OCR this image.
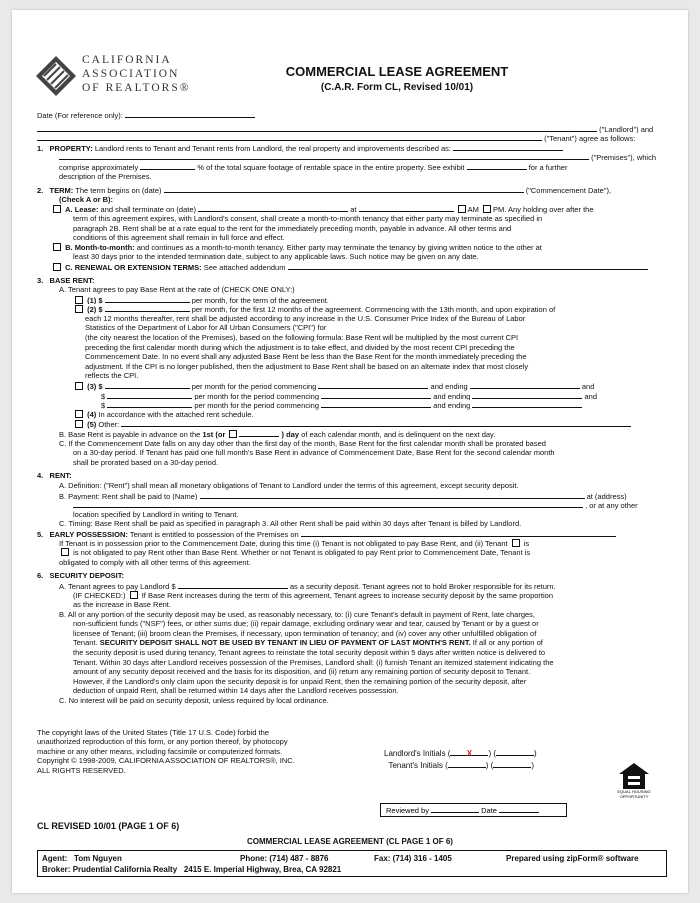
CALIFORNIA
ASSOCIATION
OF REALTORS®
COMMERCIAL LEASE AGREEMENT
(C.A.R. Form CL, Revised 10/01)
Date (For reference only):
("Landlord") and
("Tenant") agree as follows:
1. PROPERTY: Landlord rents to Tenant and Tenant rents from Landlord, the real property and improvements described as:
("Premises"), which
comprise approximately	% of the total square footage of rentable space in the entire property. See exhibit	for a further
description of the Premises.
2. TERM: The term begins on (date)	("Commencement Date"),
(Check A or B):
A. Lease: and shall terminate on (date)	at	AM PM. Any holding over after the
term of this agreement expires, with Landlord's consent, shall create a month-to-month tenancy that either party may terminate as specified in
paragraph 2B. Rent shall be at a rate equal to the rent for the immediately preceding month, payable in advance. All other terms and
conditions of this agreement shall remain in full force and effect.
B. Month-to-month: and continues as a month-to-month tenancy. Either party may terminate the tenancy by giving written notice to the other at
least 30 days prior to the intended termination date, subject to any applicable laws. Such notice may be given on any date.
C. RENEWAL OR EXTENSION TERMS: See attached addendum
3. BASE RENT:
A. Tenant agrees to pay Base Rent at the rate of (CHECK ONE ONLY:)
(1) $	per month, for the term of the agreement.
(2) $	per month, for the first 12 months of the agreement. Commencing with the 13th month, and upon expiration of
each 12 months thereafter, rent shall be adjusted according to any increase in the U.S. Consumer Price Index of the Bureau of Labor
Statistics of the Department of Labor for All Urban Consumers ("CPI") for
(the city nearest the location of the Premises), based on the following formula: Base Rent will be multiplied by the most current CPI
preceding the first calendar month during which the adjustment is to take effect, and divided by the most recent CPI preceding the
Commencement Date. In no event shall any adjusted Base Rent be less than the Base Rent for the month immediately preceding the
adjustment. If the CPI is no longer published, then the adjustment to Base Rent shall be based on an alternate index that most closely
reflects the CPI.
(3) $	per month for the period commencing	and ending	and
$	per month for the period commencing	and ending	and
$	per month for the period commencing	and ending
(4) In accordance with the attached rent schedule.
(5) Other:
B. Base Rent is payable in advance on the 1st (or	) day of each calendar month, and is delinquent on the next day.
C. If the Commencement Date falls on any day other than the first day of the month, Base Rent for the first calendar month shall be prorated based
on a 30-day period. If Tenant has paid one full month's Base Rent in advance of Commencement Date, Base Rent for the second calendar month
shall be prorated based on a 30-day period.
4. RENT:
A. Definition: ("Rent") shall mean all monetary obligations of Tenant to Landlord under the terms of this agreement, except security deposit.
B. Payment: Rent shall be paid to (Name)	at (address)
, or at any other
location specified by Landlord in writing to Tenant.
C. Timing: Base Rent shall be paid as specified in paragraph 3. All other Rent shall be paid within 30 days after Tenant is billed by Landlord.
5. EARLY POSSESSION: Tenant is entitled to possession of the Premises on
If Tenant is in possession prior to the Commencement Date, during this time (i) Tenant is not obligated to pay Base Rent, and (ii) Tenant is
is not obligated to pay Rent other than Base Rent. Whether or not Tenant is obligated to pay Rent prior to Commencement Date, Tenant is
obligated to comply with all other terms of this agreement.
6. SECURITY DEPOSIT:
A. Tenant agrees to pay Landlord $	as a security deposit. Tenant agrees not to hold Broker responsible for its return.
(IF CHECKED:) If Base Rent increases during the term of this agreement, Tenant agrees to increase security deposit by the same proportion
as the increase in Base Rent.
B. All or any portion of the security deposit may be used, as reasonably necessary, to: (i) cure Tenant's default in payment of Rent, late charges,
non-sufficient funds ("NSF") fees, or other sums due; (ii) repair damage, excluding ordinary wear and tear, caused by Tenant or by a guest or
licensee of Tenant; (iii) broom clean the Premises, if necessary, upon termination of tenancy; and (iv) cover any other unfulfilled obligation of
Tenant. SECURITY DEPOSIT SHALL NOT BE USED BY TENANT IN LIEU OF PAYMENT OF LAST MONTH'S RENT. If all or any portion of
the security deposit is used during tenancy, Tenant agrees to reinstate the total security deposit within 5 days after written notice is delivered to
Tenant. Within 30 days after Landlord receives possession of the Premises, Landlord shall: (i) furnish Tenant an itemized statement indicating the
amount of any security deposit received and the basis for its disposition, and (ii) return any remaining portion of security deposit to Tenant.
However, if the Landlord's only claim upon the security deposit is for unpaid Rent, then the remaining portion of the security deposit, after
deduction of unpaid Rent, shall be returned within 14 days after the Landlord receives possession.
C. No interest will be paid on security deposit, unless required by local ordinance.
The copyright laws of the United States (Title 17 U.S. Code) forbid the
unauthorized reproduction of this form, or any portion thereof, by photocopy
machine or any other means, including facsimile or computerized formats.
Copyright © 1998-2009, CALIFORNIA ASSOCIATION OF REALTORS®, INC.
ALL RIGHTS RESERVED.
Landlord's Initials ( X ) (	)
Tenant's Initials (	) (	)
Reviewed by	Date
EQUAL HOUSING OPPORTUNITY
CL REVISED 10/01 (PAGE 1 OF 6)
COMMERCIAL LEASE AGREEMENT (CL PAGE 1 OF 6)
Agent: Tom Nguyen	Phone: (714) 487 - 8876	Fax: (714) 316 - 1405	Prepared using zipForm® software
Broker: Prudential California Realty 2415 E. Imperial Highway, Brea, CA 92821
